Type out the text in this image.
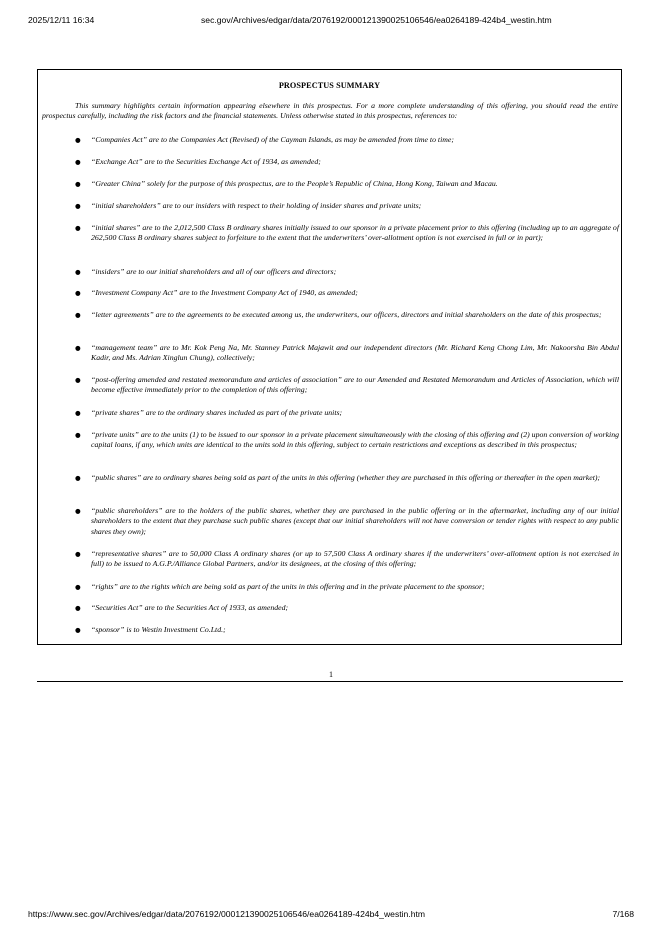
2025/12/11 16:34	sec.gov/Archives/edgar/data/2076192/000121390025106546/ea0264189-424b4_westin.htm
PROSPECTUS SUMMARY
This summary highlights certain information appearing elsewhere in this prospectus. For a more complete understanding of this offering, you should read the entire prospectus carefully, including the risk factors and the financial statements. Unless otherwise stated in this prospectus, references to:
● “Companies Act” are to the Companies Act (Revised) of the Cayman Islands, as may be amended from time to time;
● “Exchange Act” are to the Securities Exchange Act of 1934, as amended;
● “Greater China” solely for the purpose of this prospectus, are to the People’s Republic of China, Hong Kong, Taiwan and Macau.
● “initial shareholders” are to our insiders with respect to their holding of insider shares and private units;
● “initial shares” are to the 2,012,500 Class B ordinary shares initially issued to our sponsor in a private placement prior to this offering (including up to an aggregate of 262,500 Class B ordinary shares subject to forfeiture to the extent that the underwriters’ over-allotment option is not exercised in full or in part);
● “insiders” are to our initial shareholders and all of our officers and directors;
● “Investment Company Act” are to the Investment Company Act of 1940, as amended;
● “letter agreements” are to the agreements to be executed among us, the underwriters, our officers, directors and initial shareholders on the date of this prospectus;
● “management team” are to Mr. Kok Peng Na, Mr. Stanney Patrick Majawit and our independent directors (Mr. Richard Keng Chong Lim, Mr. Nakoorsha Bin Abdul Kadir, and Ms. Adrian Xinglun Chung), collectively;
● “post-offering amended and restated memorandum and articles of association” are to our Amended and Restated Memorandum and Articles of Association, which will become effective immediately prior to the completion of this offering;
● “private shares” are to the ordinary shares included as part of the private units;
● “private units” are to the units (1) to be issued to our sponsor in a private placement simultaneously with the closing of this offering and (2) upon conversion of working capital loans, if any, which units are identical to the units sold in this offering, subject to certain restrictions and exceptions as described in this prospectus;
● “public shares” are to ordinary shares being sold as part of the units in this offering (whether they are purchased in this offering or thereafter in the open market);
● “public shareholders” are to the holders of the public shares, whether they are purchased in the public offering or in the aftermarket, including any of our initial shareholders to the extent that they purchase such public shares (except that our initial shareholders will not have conversion or tender rights with respect to any public shares they own);
● “representative shares” are to 50,000 Class A ordinary shares (or up to 57,500 Class A ordinary shares if the underwriters’ over-allotment option is not exercised in full) to be issued to A.G.P./Alliance Global Partners, and/or its designees, at the closing of this offering;
● “rights” are to the rights which are being sold as part of the units in this offering and in the private placement to the sponsor;
● “Securities Act” are to the Securities Act of 1933, as amended;
● “sponsor” is to Westin Investment Co.Ltd.;
1
https://www.sec.gov/Archives/edgar/data/2076192/000121390025106546/ea0264189-424b4_westin.htm	7/168
